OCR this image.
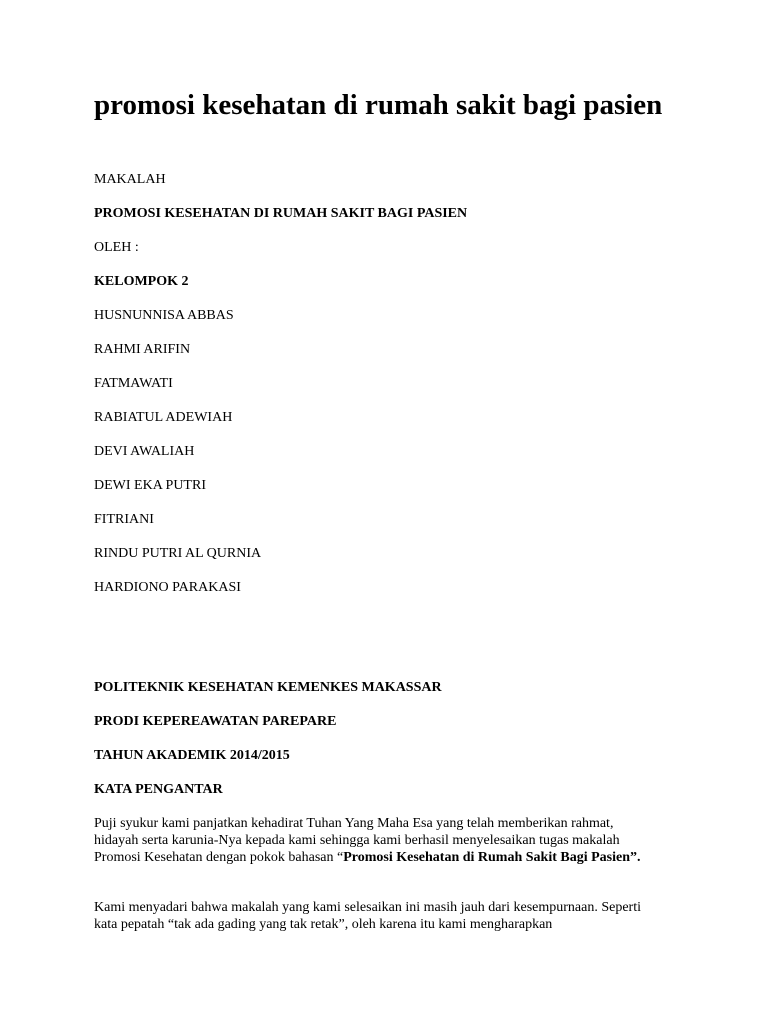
promosi kesehatan di rumah sakit bagi pasien

MAKALAH

PROMOSI KESEHATAN DI RUMAH SAKIT BAGI PASIEN

OLEH :

KELOMPOK 2

HUSNUNNISA ABBAS

RAHMI ARIFIN

FATMAWATI

RABIATUL ADEWIAH

DEVI AWALIAH

DEWI EKA PUTRI

FITRIANI

RINDU PUTRI AL QURNIA

HARDIONO PARAKASI

POLITEKNIK KESEHATAN KEMENKES MAKASSAR

PRODI KEPEREAWATAN PAREPARE

TAHUN AKADEMIK 2014/2015

KATA PENGANTAR

Puji syukur kami panjatkan kehadirat Tuhan Yang Maha Esa yang telah memberikan rahmat, hidayah serta karunia-Nya kepada kami sehingga kami berhasil menyelesaikan tugas makalah Promosi Kesehatan dengan pokok bahasan “Promosi Kesehatan di Rumah Sakit Bagi Pasien”.

Kami menyadari bahwa makalah yang kami selesaikan ini masih jauh dari kesempurnaan. Seperti kata pepatah “tak ada gading yang tak retak”, oleh karena itu kami mengharapkan
